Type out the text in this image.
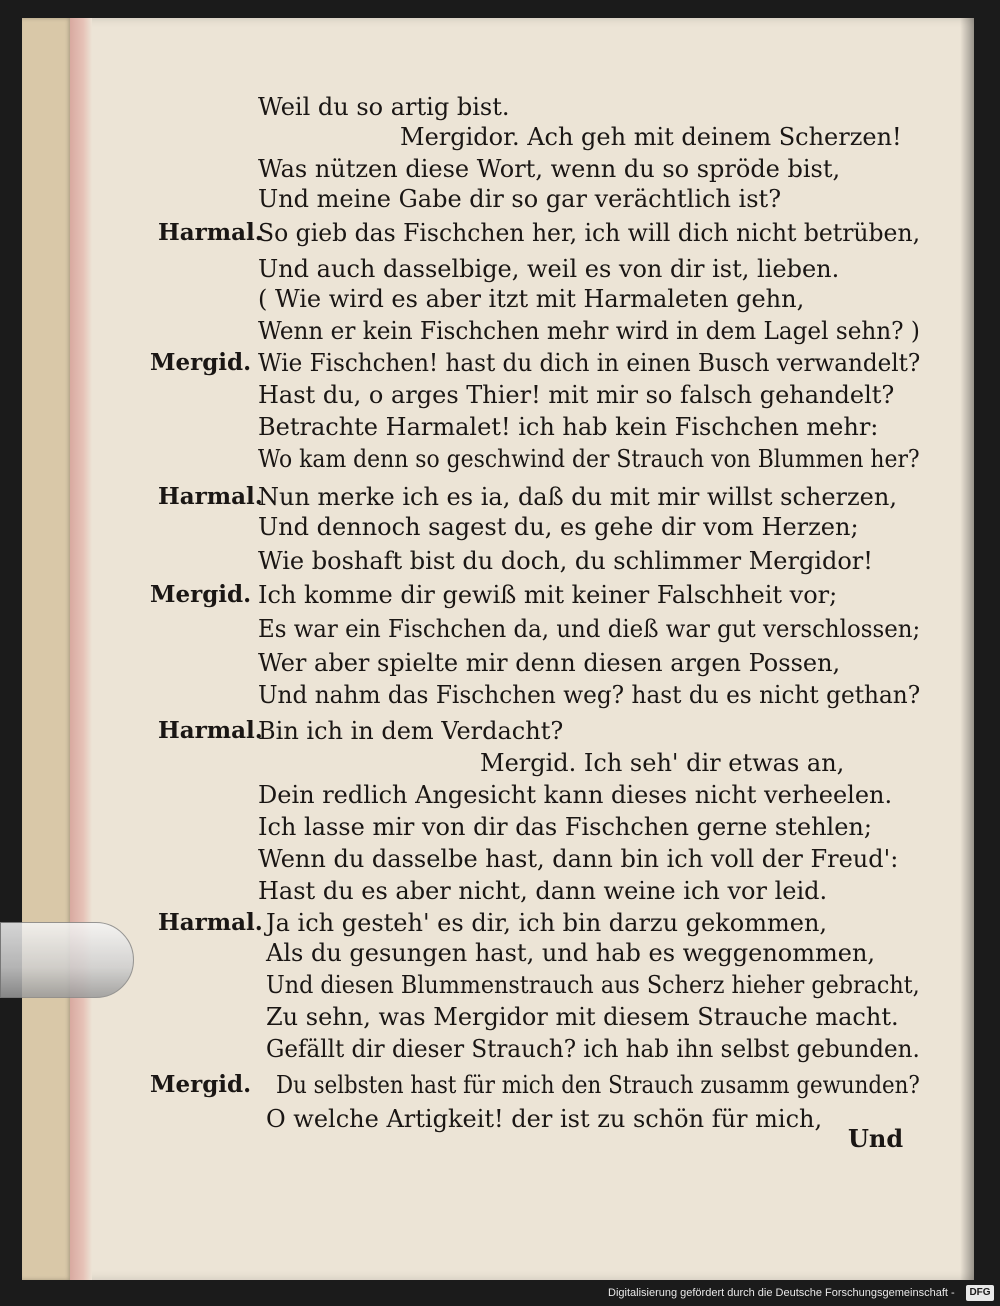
Weil du so artig bist.
Mergidor. Ach geh mit deinem Scherzen!
Was nützen diese Wort, wenn du so spröde bist,
Und meine Gabe dir so gar verächtlich ist?
Harmal.
So gieb das Fischchen her, ich will dich nicht betrüben,
Und auch dasselbige, weil es von dir ist, lieben.
( Wie wird es aber itzt mit Harmaleten gehn,
Wenn er kein Fischchen mehr wird in dem Lagel sehn? )
Mergid. Wie Fischchen! hast du dich in einen Busch verwandelt?
Hast du, o arges Thier! mit mir so falsch gehandelt?
Betrachte Harmalet! ich hab kein Fischchen mehr:
Wo kam denn so geschwind der Strauch von Blummen her?
Harmal.
Nun merke ich es ia, daß du mit mir willst scherzen,
Und dennoch sagest du, es gehe dir vom Herzen;
Wie boshaft bist du doch, du schlimmer Mergidor!
Mergid. Ich komme dir gewiß mit keiner Falschheit vor;
Es war ein Fischchen da, und dieß war gut verschlossen;
Wer aber spielte mir denn diesen argen Possen,
Und nahm das Fischchen weg? hast du es nicht gethan?
Harmal.
Bin ich in dem Verdacht?
Mergid. Ich seh' dir etwas an,
Dein redlich Angesicht kann dieses nicht verheelen.
Ich lasse mir von dir das Fischchen gerne stehlen;
Wenn du dasselbe hast, dann bin ich voll der Freud':
Hast du es aber nicht, dann weine ich vor leid.
Harmal. Ja ich gesteh' es dir, ich bin darzu gekommen,
Als du gesungen hast, und hab es weggenommen,
Und diesen Blummenstrauch aus Scherz hieher gebracht,
Zu sehn, was Mergidor mit diesem Strauche macht.
Gefällt dir dieser Strauch? ich hab ihn selbst gebunden.
Mergid. Du selbsten hast für mich den Strauch zusamm gewunden?
O welche Artigkeit! der ist zu schön für mich,
Und
Digitalisierung gefördert durch die Deutsche Forschungsgemeinschaft -	DFG
